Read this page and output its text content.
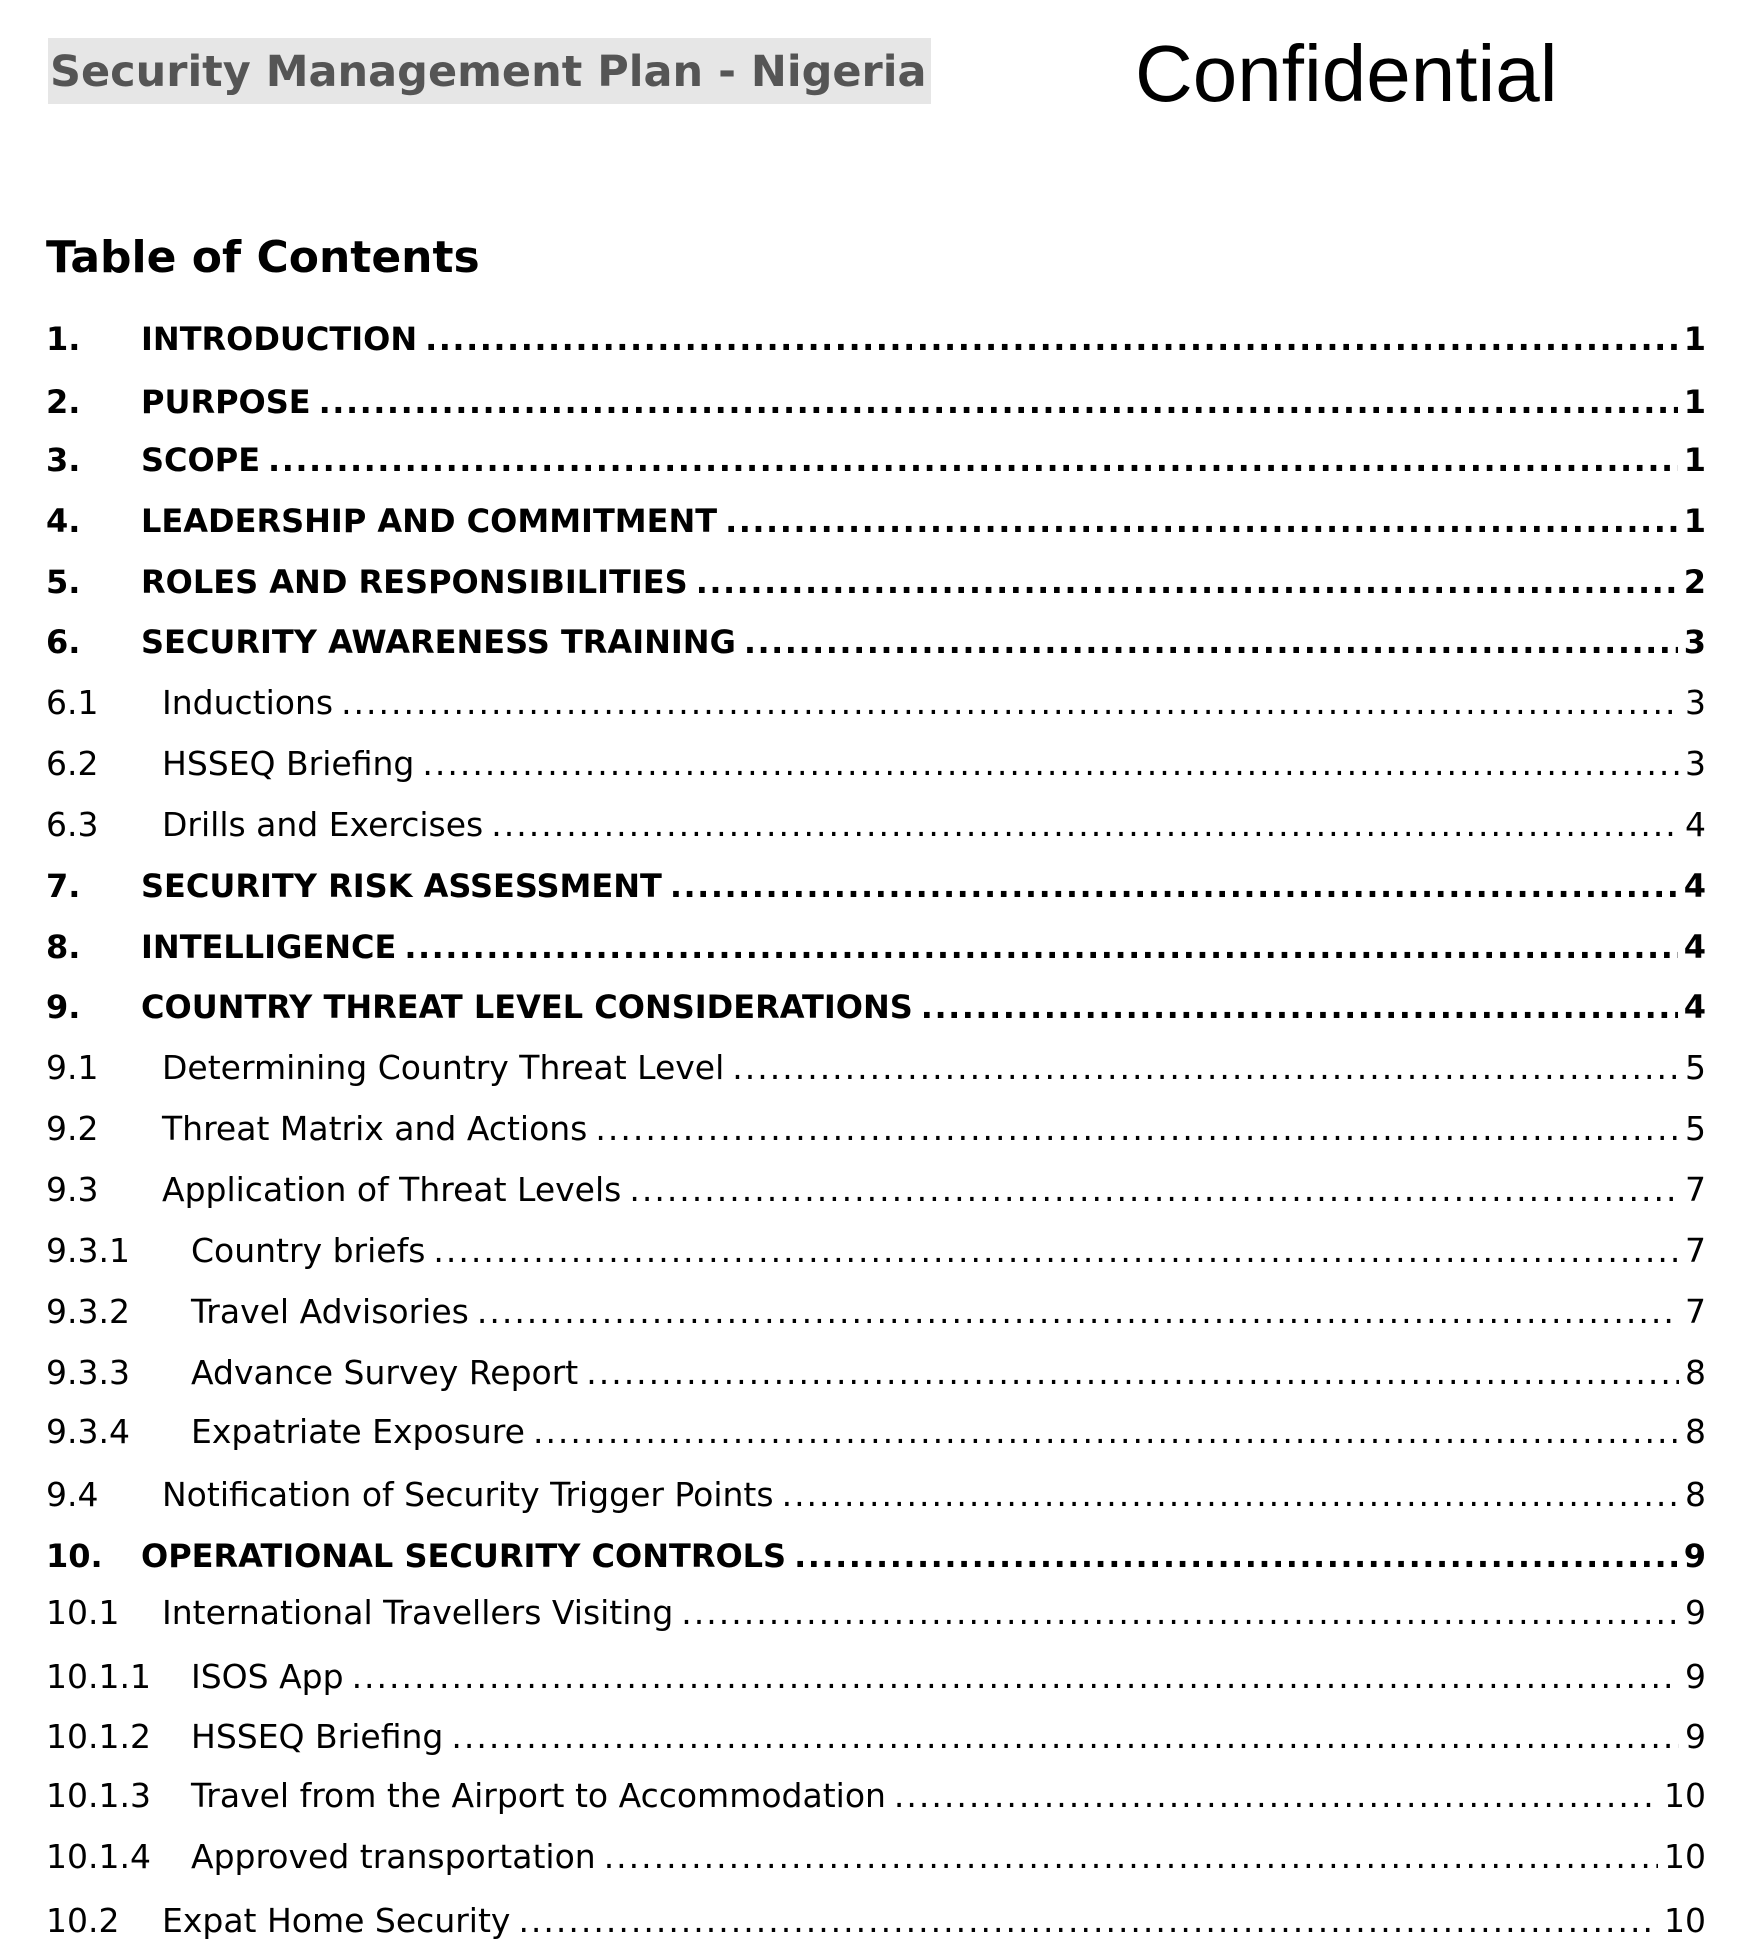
Security Management Plan - Nigeria	Confidential
Table of Contents
1.	INTRODUCTION .....	1
2.	PURPOSE .....	1
3.	SCOPE .....	1
4.	LEADERSHIP AND COMMITMENT .....	1
5.	ROLES AND RESPONSIBILITIES .....	2
6.	SECURITY AWARENESS TRAINING .....	3
6.1	Inductions .....	3
6.2	HSSEQ Briefing .....	3
6.3	Drills and Exercises .....	4
7.	SECURITY RISK ASSESSMENT .....	4
8.	INTELLIGENCE .....	4
9.	COUNTRY THREAT LEVEL CONSIDERATIONS .....	4
9.1	Determining Country Threat Level .....	5
9.2	Threat Matrix and Actions .....	5
9.3	Application of Threat Levels .....	7
9.3.1	Country briefs .....	7
9.3.2	Travel Advisories .....	7
9.3.3	Advance Survey Report .....	8
9.3.4	Expatriate Exposure .....	8
9.4	Notification of Security Trigger Points .....	8
10.	OPERATIONAL SECURITY CONTROLS .....	9
10.1	International Travellers Visiting .....	9
10.1.1	ISOS App .....	9
10.1.2	HSSEQ Briefing .....	9
10.1.3	Travel from the Airport to Accommodation .....	10
10.1.4	Approved transportation .....	10
10.2	Expat Home Security .....	10
